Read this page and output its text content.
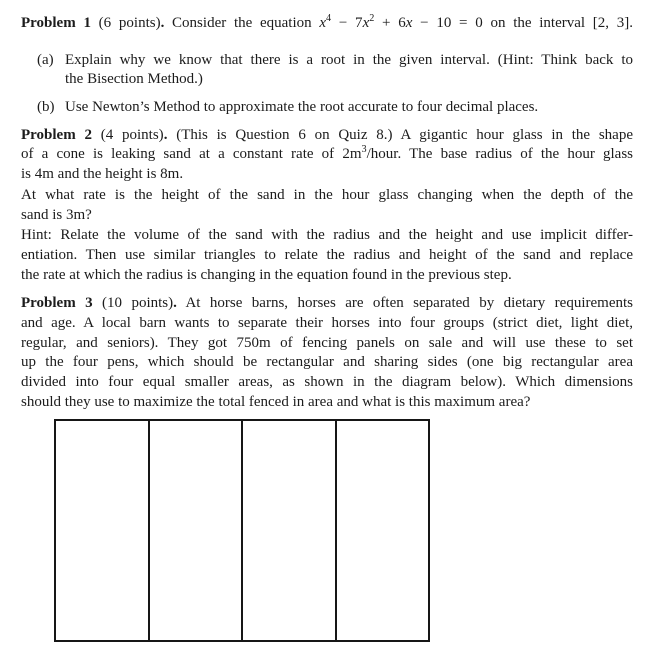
Problem 1 (6 points). Consider the equation $x^4 - 7x^2 + 6x - 10 = 0$ on the interval [2, 3].
(a) Explain why we know that there is a root in the given interval. (Hint: Think back to
the Bisection Method.)
(b) Use Newton’s Method to approximate the root accurate to four decimal places.
Problem 2 (4 points). (This is Question 6 on Quiz 8.) A gigantic hour glass in the shape
of a cone is leaking sand at a constant rate of $2m^3$/hour. The base radius of the hour glass
is 4m and the height is 8m.
At what rate is the height of the sand in the hour glass changing when the depth of the
sand is 3m?
Hint: Relate the volume of the sand with the radius and the height and use implicit differ-
entiation. Then use similar triangles to relate the radius and height of the sand and replace
the rate at which the radius is changing in the equation found in the previous step.
Problem 3 (10 points). At horse barns, horses are often separated by dietary requirements
and age. A local barn wants to separate their horses into four groups (strict diet, light diet,
regular, and seniors). They got 750m of fencing panels on sale and will use these to set
up the four pens, which should be rectangular and sharing sides (one big rectangular area
divided into four equal smaller areas, as shown in the diagram below). Which dimensions
should they use to maximize the total fenced in area and what is this maximum area?
